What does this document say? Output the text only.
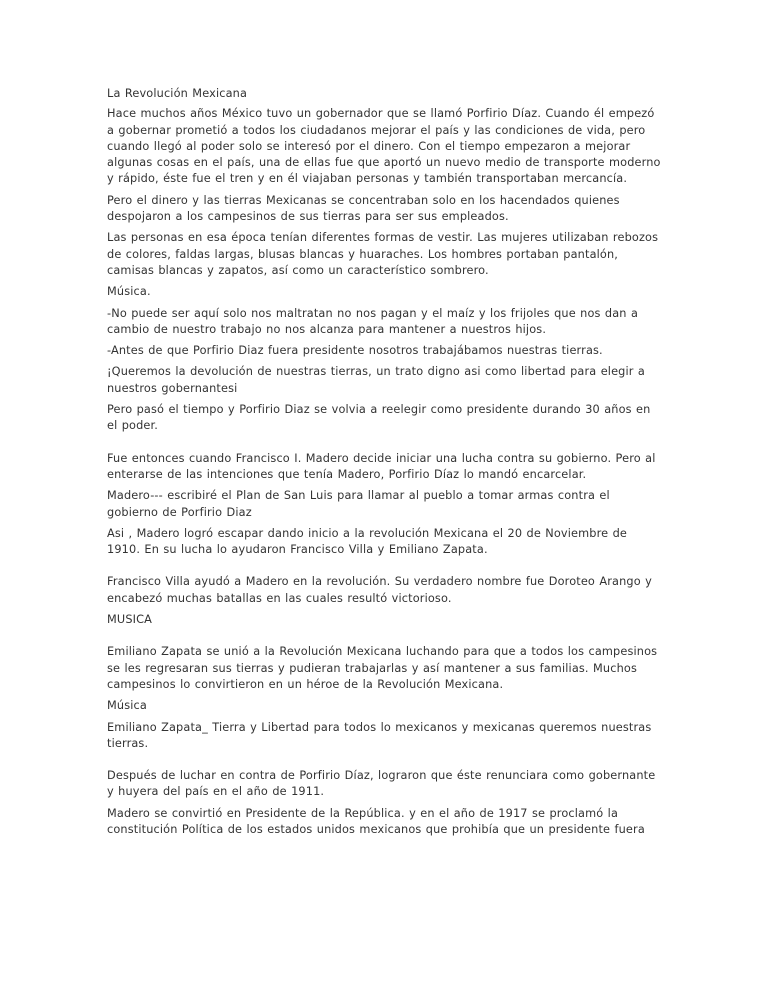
La Revolución Mexicana

Hace muchos años México tuvo un gobernador que se llamó Porfirio Díaz. Cuando él empezó a gobernar prometió a todos los ciudadanos mejorar el país y las condiciones de vida, pero cuando llegó al poder solo se interesó por el dinero. Con el tiempo empezaron a mejorar algunas cosas en el país, una de ellas fue que aportó un nuevo medio de transporte moderno y rápido, éste fue el tren y en él viajaban personas y también transportaban mercancía.

Pero el dinero y las tierras Mexicanas se concentraban solo en los hacendados quienes despojaron a los campesinos de sus tierras para ser sus empleados.

Las personas en esa época tenían diferentes formas de vestir. Las mujeres utilizaban rebozos de colores, faldas largas, blusas blancas y huaraches. Los hombres portaban pantalón, camisas blancas y zapatos, así como un característico sombrero.

Música.

-No puede ser aquí solo nos maltratan no nos pagan y el maíz y los frijoles que nos dan a cambio de nuestro trabajo no nos alcanza para mantener a nuestros hijos.

-Antes de que Porfirio Diaz fuera presidente nosotros trabajábamos nuestras tierras.

¡Queremos la devolución de nuestras tierras, un trato digno asi como libertad para elegir a nuestros gobernantesi

Pero pasó el tiempo y Porfirio Diaz se volvia a reelegir como presidente durando 30 años en el poder.

Fue entonces cuando Francisco I. Madero decide iniciar una lucha contra su gobierno. Pero al enterarse de las intenciones que tenía Madero, Porfirio Díaz lo mandó encarcelar.

Madero--- escribiré el Plan de San Luis para llamar al pueblo a tomar armas contra el gobierno de Porfirio Diaz

Asi , Madero logró escapar dando inicio a la revolución Mexicana el 20 de Noviembre de 1910. En su lucha lo ayudaron Francisco Villa y Emiliano Zapata.

Francisco Villa ayudó a Madero en la revolución. Su verdadero nombre fue Doroteo Arango y encabezó muchas batallas en las cuales resultó victorioso.

MUSICA

Emiliano Zapata se unió a la Revolución Mexicana luchando para que a todos los campesinos se les regresaran sus tierras y pudieran trabajarlas y así mantener a sus familias. Muchos campesinos lo convirtieron en un héroe de la Revolución Mexicana.

Música

Emiliano Zapata_ Tierra y Libertad para todos lo mexicanos y mexicanas queremos nuestras tierras.

Después de luchar en contra de Porfirio Díaz, lograron que éste renunciara como gobernante y huyera del país en el año de 1911.

Madero se convirtió en Presidente de la República. y en el año de 1917 se proclamó la constitución Política de los estados unidos mexicanos que prohibía que un presidente fuera
